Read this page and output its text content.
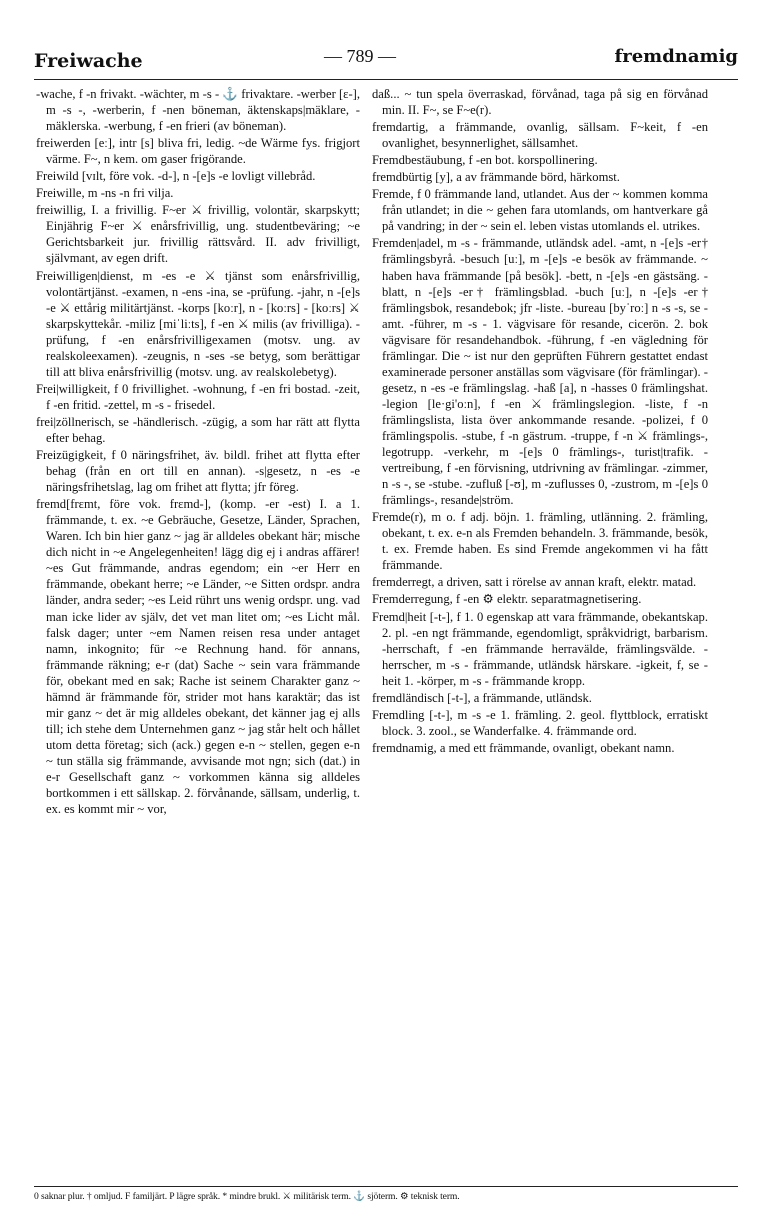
Freiwache	— 789 —	fremdnamig

-wache, f -n frivakt. -wächter, m -s - ⚓ frivaktare. -werber [ɛ-], m -s -, -werberin, f -nen böneman, äktenskaps|mäklare, -mäklerska. -werbung, f -en frieri (av böneman).

freiwerden [eː], intr [s] bliva fri, ledig. ~de Wärme fys. frigjort värme. F~, n kem. om gaser frigörande.

Freiwild [vɪlt, före vok. -d-], n -[e]s -e lovligt villebråd.

Freiwille, m -ns -n fri vilja.

freiwillig, I. a frivillig. F~er ⚔ frivillig, volontär, skarpskytt; Einjährig F~er ⚔ enårsfrivillig, ung. studentbeväring; ~e Gerichtsbarkeit jur. frivillig rättsvård. II. adv frivilligt, självmant, av egen drift.

Freiwilligen|dienst, m -es -e ⚔ tjänst som enårsfrivillig, volontärtjänst. -examen, n -ens -ina, se -prüfung. -jahr, n -[e]s -e ⚔ ettårig militärtjänst. -korps [koːr], n - [koːrs] - [koːrs] ⚔ skarpskyttekår. -miliz [miˈliːts], f -en ⚔ milis (av frivilliga). -prüfung, f -en enårsfrivilligexamen (motsv. ung. av realskoleexamen). -zeugnis, n -ses -se betyg, som berättigar till att bliva enårsfrivillig (motsv. ung. av realskolebetyg).

Frei|willigkeit, f 0 frivillighet. -wohnung, f -en fri bostad. -zeit, f -en fritid. -zettel, m -s - frisedel.

frei|zöllnerisch, se -händlerisch. -zügig, a som har rätt att flytta efter behag.

Freizügigkeit, f 0 näringsfrihet, äv. bildl. frihet att flytta efter behag (från en ort till en annan). -s|gesetz, n -es -e näringsfrihetslag, lag om frihet att flytta; jfr föreg.

fremd[frɛmt, före vok. frɛmd-], (komp. -er -est) I. a 1. främmande, t. ex. ~e Gebräuche, Gesetze, Länder, Sprachen, Waren. Ich bin hier ganz ~ jag är alldeles obekant här; mische dich nicht in ~e Angelegenheiten! lägg dig ej i andras affärer! ~es Gut främmande, andras egendom; ein ~er Herr en främmande, obekant herre; ~e Länder, ~e Sitten ordspr. andra länder, andra seder; ~es Leid rührt uns wenig ordspr. ung. vad man icke lider av själv, det vet man litet om; ~es Licht mål. falsk dager; unter ~em Namen reisen resa under antaget namn, inkognito; für ~e Rechnung hand. för annans, främmande räkning; e-r (dat) Sache ~ sein vara främmande för, obekant med en sak; Rache ist seinem Charakter ganz ~ hämnd är främmande för, strider mot hans karaktär; das ist mir ganz ~ det är mig alldeles obekant, det känner jag ej alls till; ich stehe dem Unternehmen ganz ~ jag står helt och hållet utom detta företag; sich (ack.) gegen e-n ~ stellen, gegen e-n ~ tun ställa sig främmande, avvisande mot ngn; sich (dat.) in e-r Gesellschaft ganz ~ vorkommen känna sig alldeles bortkommen i ett sällskap. 2. förvånande, sällsam, underlig, t. ex. es kommt mir ~ vor,

daß... ~ tun spela överraskad, förvånad, taga på sig en förvånad min. II. F~, se F~e(r).

fremdartig, a främmande, ovanlig, sällsam. F~keit, f -en ovanlighet, besynnerlighet, sällsamhet.

Fremdbestäubung, f -en bot. korspollinering.

fremdbürtig [y], a av främmande börd, härkomst.

Fremde, f 0 främmande land, utlandet. Aus der ~ kommen komma från utlandet; in die ~ gehen fara utomlands, om hantverkare gå på vandring; in der ~ sein el. leben vistas utomlands el. utrikes.

Fremden|adel, m -s - främmande, utländsk adel. -amt, n -[e]s -er† främlingsbyrå. -besuch [uː], m -[e]s -e besök av främmande. ~ haben hava främmande [på besök]. -bett, n -[e]s -en gästsäng. -blatt, n -[e]s -er† främlingsblad. -buch [uː], n -[e]s -er† främlingsbok, resandebok; jfr -liste. -bureau [byˈroː] n -s -s, se -amt. -führer, m -s - 1. vägvisare för resande, cicerön. 2. bok vägvisare för resandehandbok. -führung, f -en vägledning för främlingar. Die ~ ist nur den geprüften Führern gestattet endast examinerade personer anställas som vägvisare (för främlingar). -gesetz, n -es -e främlingslag. -haß [a], n -hasses 0 främlingshat. -legion [le·gi'oːn], f -en ⚔ främlingslegion. -liste, f -n främlingslista, lista över ankommande resande. -polizei, f 0 främlingspolis. -stube, f -n gästrum. -truppe, f -n ⚔ främlings-, legotrupp. -verkehr, m -[e]s 0 främlings-, turist|trafik. -vertreibung, f -en förvisning, utdrivning av främlingar. -zimmer, n -s -, se -stube. -zufluß [-ʊ], m -zuflusses 0, -zustrom, m -[e]s 0 främlings-, resande|ström.

Fremde(r), m o. f adj. böjn. 1. främling, utlänning. 2. främling, obekant, t. ex. e-n als Fremden behandeln. 3. främmande, besök, t. ex. Fremde haben. Es sind Fremde angekommen vi ha fått främmande.

fremderregt, a driven, satt i rörelse av annan kraft, elektr. matad.

Fremderregung, f -en ⚙ elektr. separatmagnetisering.

Fremd|heit [-t-], f 1. 0 egenskap att vara främmande, obekantskap. 2. pl. -en ngt främmande, egendomligt, språkvidrigt, barbarism. -herrschaft, f -en främmande herravälde, främlingsvälde. -herrscher, m -s - främmande, utländsk härskare. -igkeit, f, se -heit 1. -körper, m -s - främmande kropp.

fremdländisch [-t-], a främmande, utländsk.

Fremdling [-t-], m -s -e 1. främling. 2. geol. flyttblock, erratiskt block. 3. zool., se Wanderfalke. 4. främmande ord.

fremdnamig, a med ett främmande, ovanligt, obekant namn.

0 saknar plur. † omljud. F familjärt. P lägre språk. * mindre brukl. ⚔ militärisk term. ⚓ sjöterm. ⚙ teknisk term.
